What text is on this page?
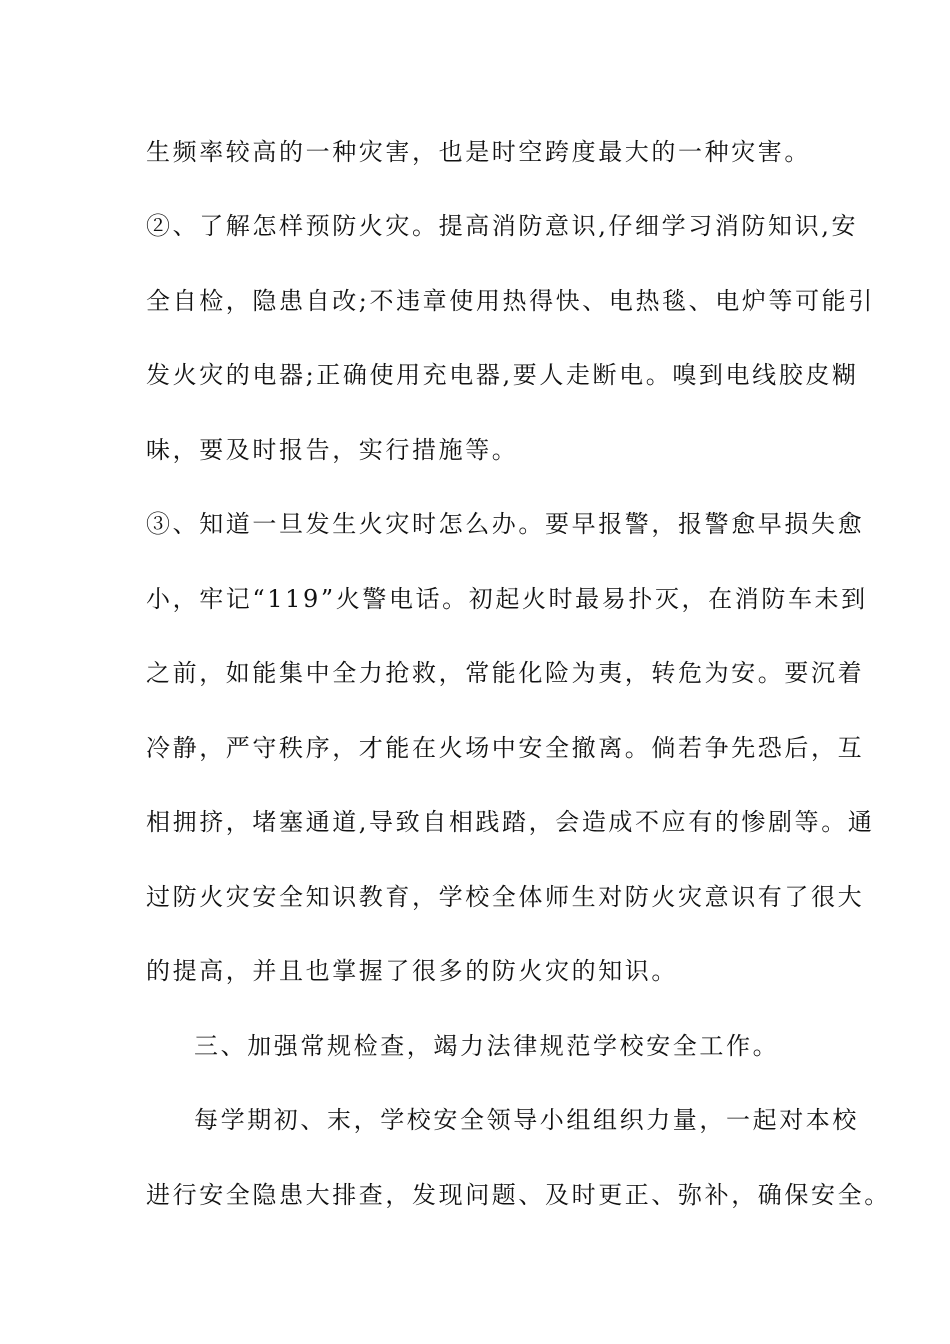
生频率较高的一种灾害，也是时空跨度最大的一种灾害。
②、了解怎样预防火灾。提高消防意识,仔细学习消防知识,安
全自检，隐患自改;不违章使用热得快、电热毯、电炉等可能引
发火灾的电器;正确使用充电器,要人走断电。嗅到电线胶皮糊
味，要及时报告，实行措施等。
③、知道一旦发生火灾时怎么办。要早报警，报警愈早损失愈
小，牢记“119”火警电话。初起火时最易扑灭，在消防车未到
之前，如能集中全力抢救，常能化险为夷，转危为安。要沉着
冷静，严守秩序，才能在火场中安全撤离。倘若争先恐后，互
相拥挤，堵塞通道,导致自相践踏，会造成不应有的惨剧等。通
过防火灾安全知识教育，学校全体师生对防火灾意识有了很大
的提高，并且也掌握了很多的防火灾的知识。
三、加强常规检查，竭力法律规范学校安全工作。
每学期初、末，学校安全领导小组组织力量，一起对本校
进行安全隐患大排查，发现问题、及时更正、弥补，确保安全。
